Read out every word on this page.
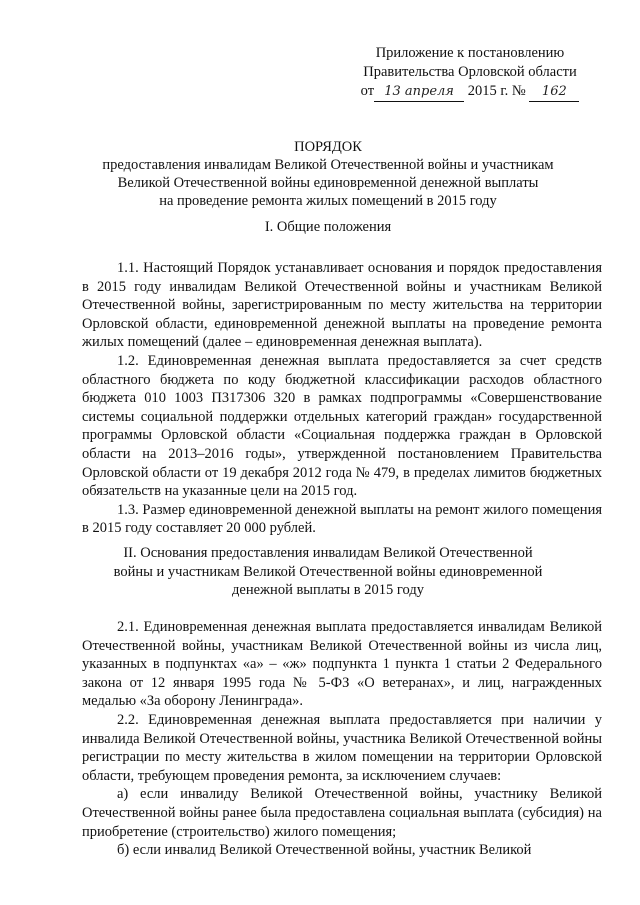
Приложение к постановлению
Правительства Орловской области
от 13 апреля 2015 г. № 162
ПОРЯДОК
предоставления инвалидам Великой Отечественной войны и участникам
Великой Отечественной войны единовременной денежной выплаты
на проведение ремонта жилых помещений в 2015 году
I. Общие положения

1.1. Настоящий Порядок устанавливает основания и порядок предоставления в 2015 году инвалидам Великой Отечественной войны и участникам Великой Отечественной войны, зарегистрированным по месту жительства на территории Орловской области, единовременной денежной выплаты на проведение ремонта жилых помещений (далее – единовременная денежная выплата).

1.2. Единовременная денежная выплата предоставляется за счет средств областного бюджета по коду бюджетной классификации расходов областного бюджета 010 1003 П317306 320 в рамках подпрограммы «Совершенствование системы социальной поддержки отдельных категорий граждан» государственной программы Орловской области «Социальная поддержка граждан в Орловской области на 2013–2016 годы», утвержденной постановлением Правительства Орловской области от 19 декабря 2012 года № 479, в пределах лимитов бюджетных обязательств на указанные цели на 2015 год.

1.3. Размер единовременной денежной выплаты на ремонт жилого помещения в 2015 году составляет 20 000 рублей.

II. Основания предоставления инвалидам Великой Отечественной
войны и участникам Великой Отечественной войны единовременной
денежной выплаты в 2015 году

2.1. Единовременная денежная выплата предоставляется инвалидам Великой Отечественной войны, участникам Великой Отечественной войны из числа лиц, указанных в подпунктах «а» – «ж» подпункта 1 пункта 1 статьи 2 Федерального закона от 12 января 1995 года № 5-ФЗ «О ветеранах», и лиц, награжденных медалью «За оборону Ленинграда».

2.2. Единовременная денежная выплата предоставляется при наличии у инвалида Великой Отечественной войны, участника Великой Отечественной войны регистрации по месту жительства в жилом помещении на территории Орловской области, требующем проведения ремонта, за исключением случаев:

а) если инвалиду Великой Отечественной войны, участнику Великой Отечественной войны ранее была предоставлена социальная выплата (субсидия) на приобретение (строительство) жилого помещения;

б) если инвалид Великой Отечественной войны, участник Великой
